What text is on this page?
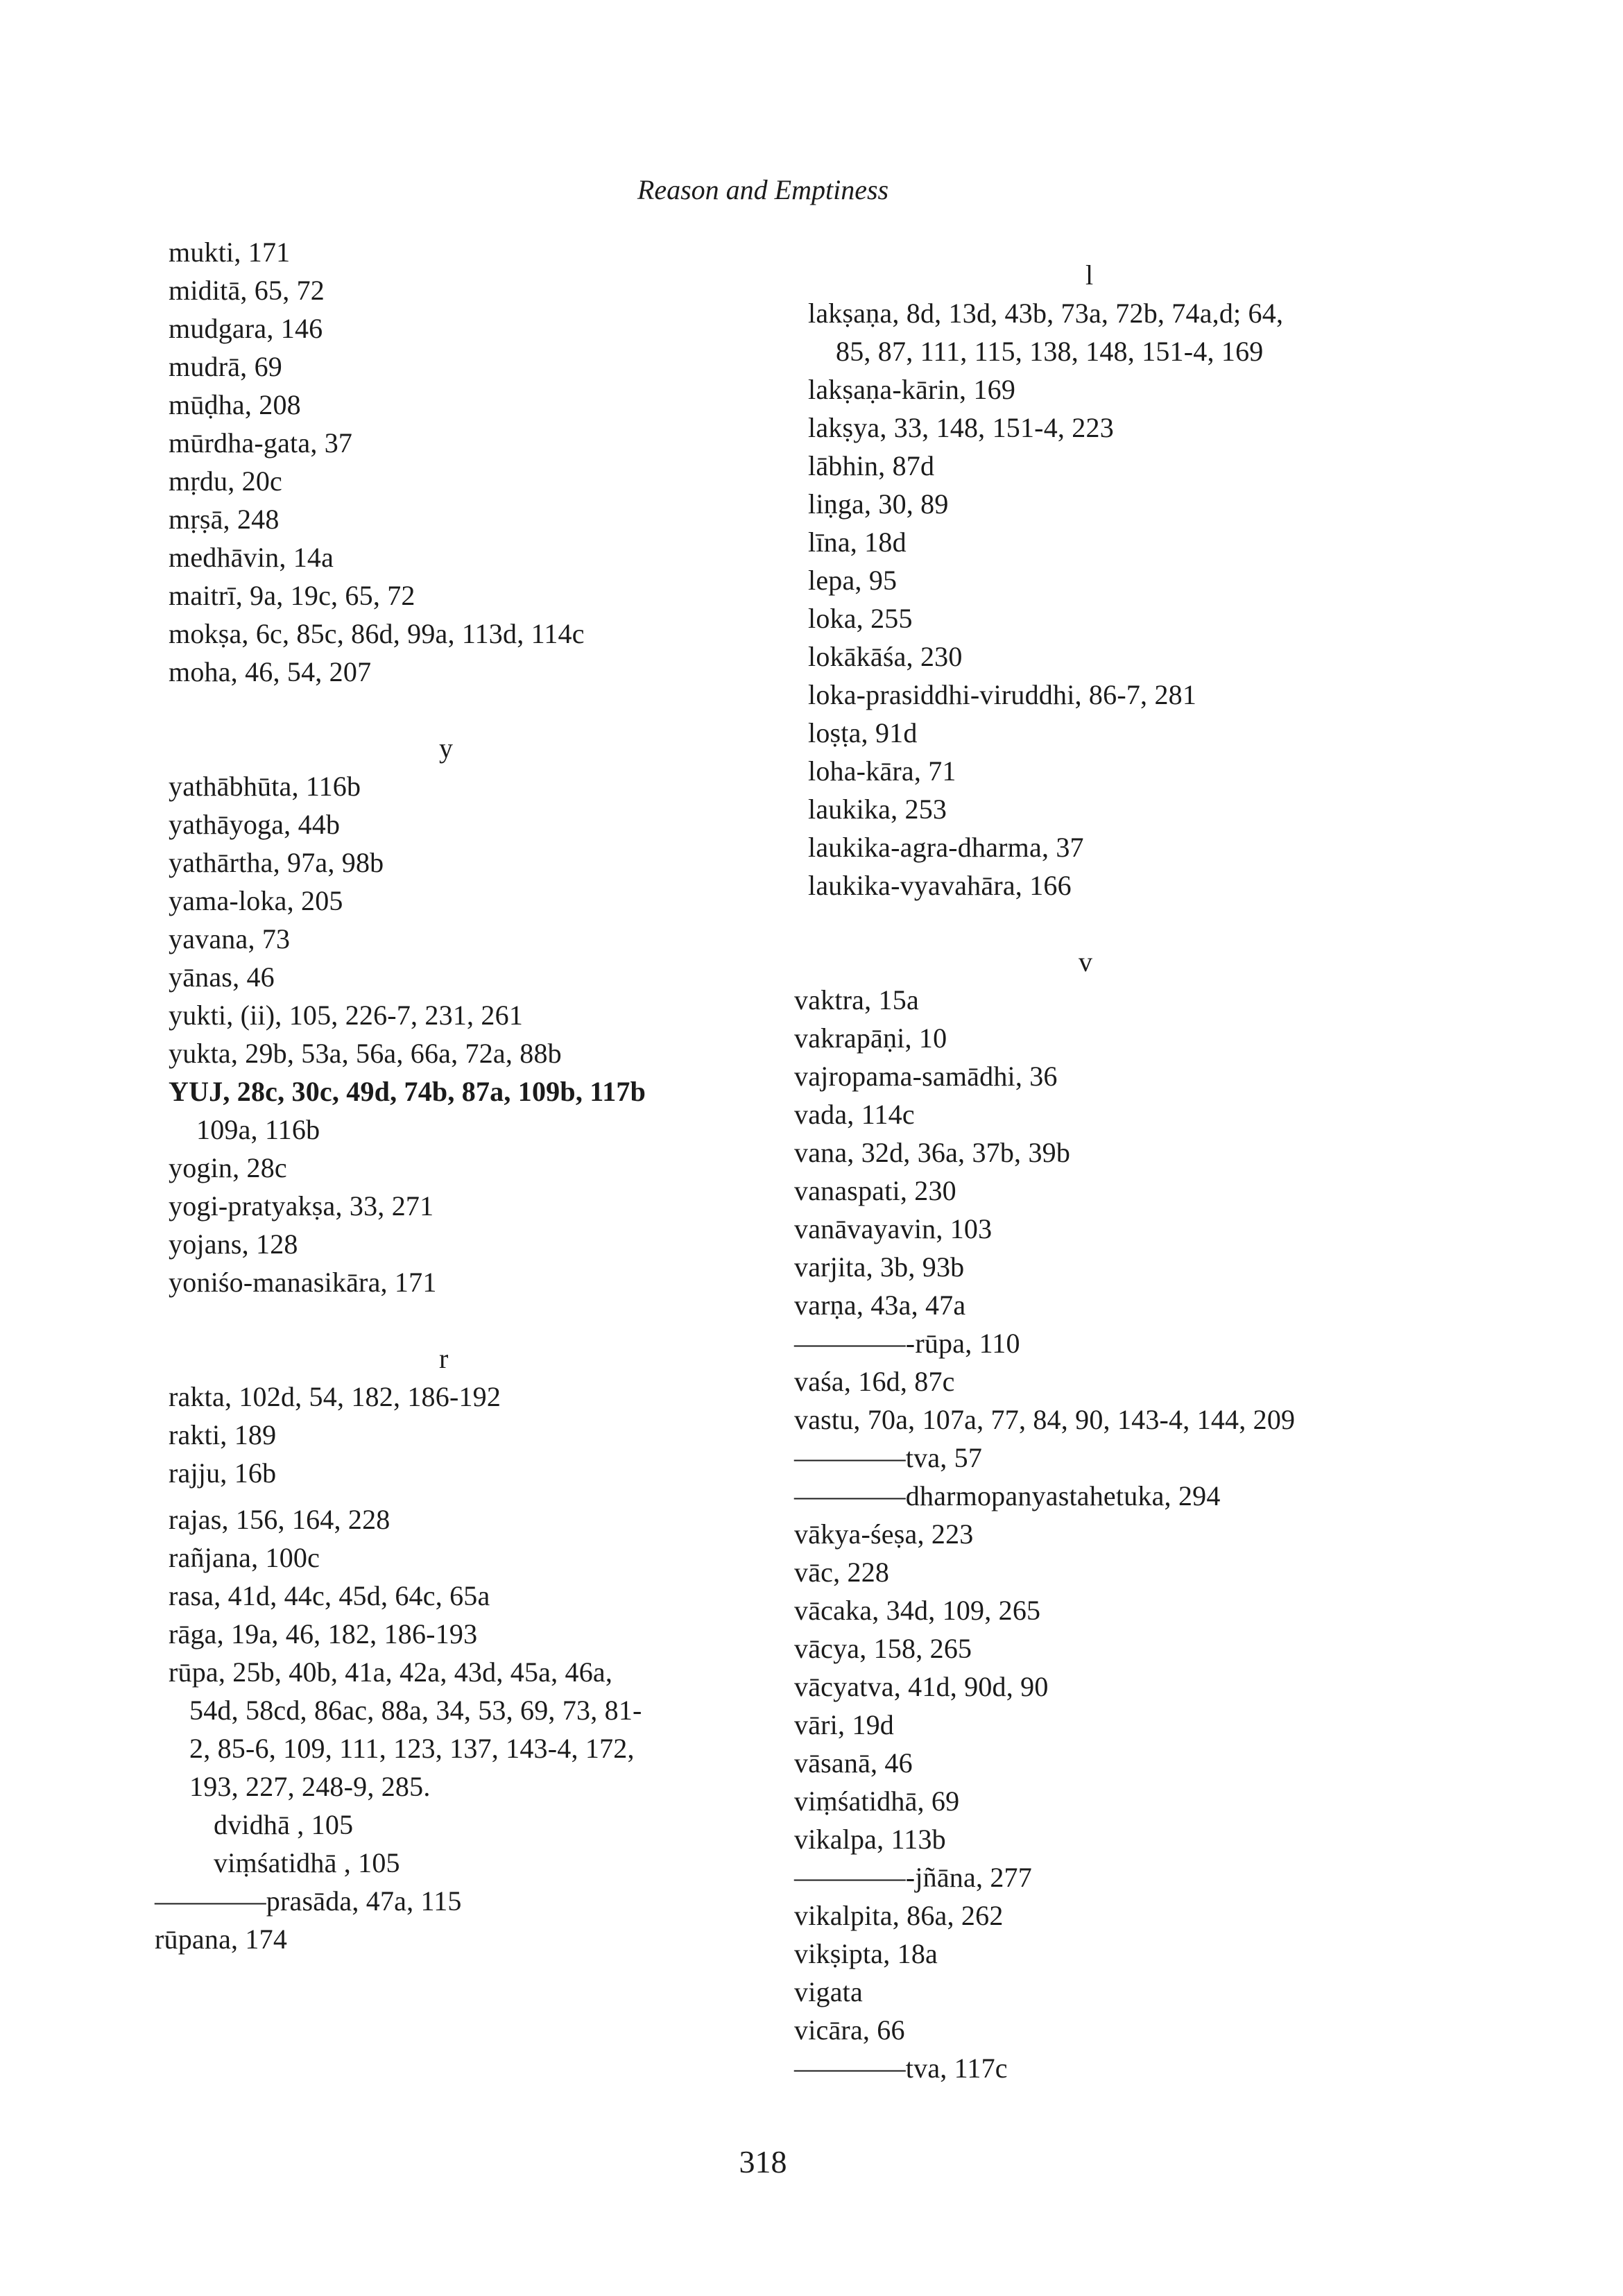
Reason and Emptiness
mukti, 171
miditā, 65, 72
mudgara, 146
mudrā, 69
mūḍha, 208
mūrdha-gata, 37
mṛdu, 20c
mṛṣā, 248
medhāvin, 14a
maitrī, 9a, 19c, 65, 72
mokṣa, 6c, 85c, 86d, 99a, 113d, 114c
moha, 46, 54, 207
y
yathābhūta, 116b
yathāyoga, 44b
yathārtha, 97a, 98b
yama-loka, 205
yavana, 73
yānas, 46
yukti, (ii), 105, 226-7, 231, 261
yukta, 29b, 53a, 56a, 66a, 72a, 88b
YUJ, 28c, 30c, 49d, 74b, 87a, 109b, 117b
109a, 116b
yogin, 28c
yogi-pratyakṣa, 33, 271
yojans, 128
yoniśo-manasikāra, 171
r
rakta, 102d, 54, 182, 186-192
rakti, 189
rajju, 16b
rajas, 156, 164, 228
rañjana, 100c
rasa, 41d, 44c, 45d, 64c, 65a
rāga, 19a, 46, 182, 186-193
rūpa, 25b, 40b, 41a, 42a, 43d, 45a, 46a,
54d, 58cd, 86ac, 88a, 34, 53, 69, 73, 81-
2, 85-6, 109, 111, 123, 137, 143-4, 172,
193, 227, 248-9, 285.
dvidhā , 105
viṃśatidhā , 105
————prasāda, 47a, 115
rūpana, 174
l
lakṣaṇa, 8d, 13d, 43b, 73a, 72b, 74a,d; 64,
85, 87, 111, 115, 138, 148, 151-4, 169
lakṣaṇa-kārin, 169
lakṣya, 33, 148, 151-4, 223
lābhin, 87d
liṇga, 30, 89
līna, 18d
lepa, 95
loka, 255
lokākāśa, 230
loka-prasiddhi-viruddhi, 86-7, 281
loṣṭa, 91d
loha-kāra, 71
laukika, 253
laukika-agra-dharma, 37
laukika-vyavahāra, 166
v
vaktra, 15a
vakrapāṇi, 10
vajropama-samādhi, 36
vada, 114c
vana, 32d, 36a, 37b, 39b
vanaspati, 230
vanāvayavin, 103
varjita, 3b, 93b
varṇa, 43a, 47a
————-rūpa, 110
vaśa, 16d, 87c
vastu, 70a, 107a, 77, 84, 90, 143-4, 144, 209
————tva, 57
————dharmopanyastahetuka, 294
vākya-śeṣa, 223
vāc, 228
vācaka, 34d, 109, 265
vācya, 158, 265
vācyatva, 41d, 90d, 90
vāri, 19d
vāsanā, 46
viṃśatidhā, 69
vikalpa, 113b
————-jñāna, 277
vikalpita, 86a, 262
vikṣipta, 18a
vigata
vicāra, 66
————tva, 117c
318
